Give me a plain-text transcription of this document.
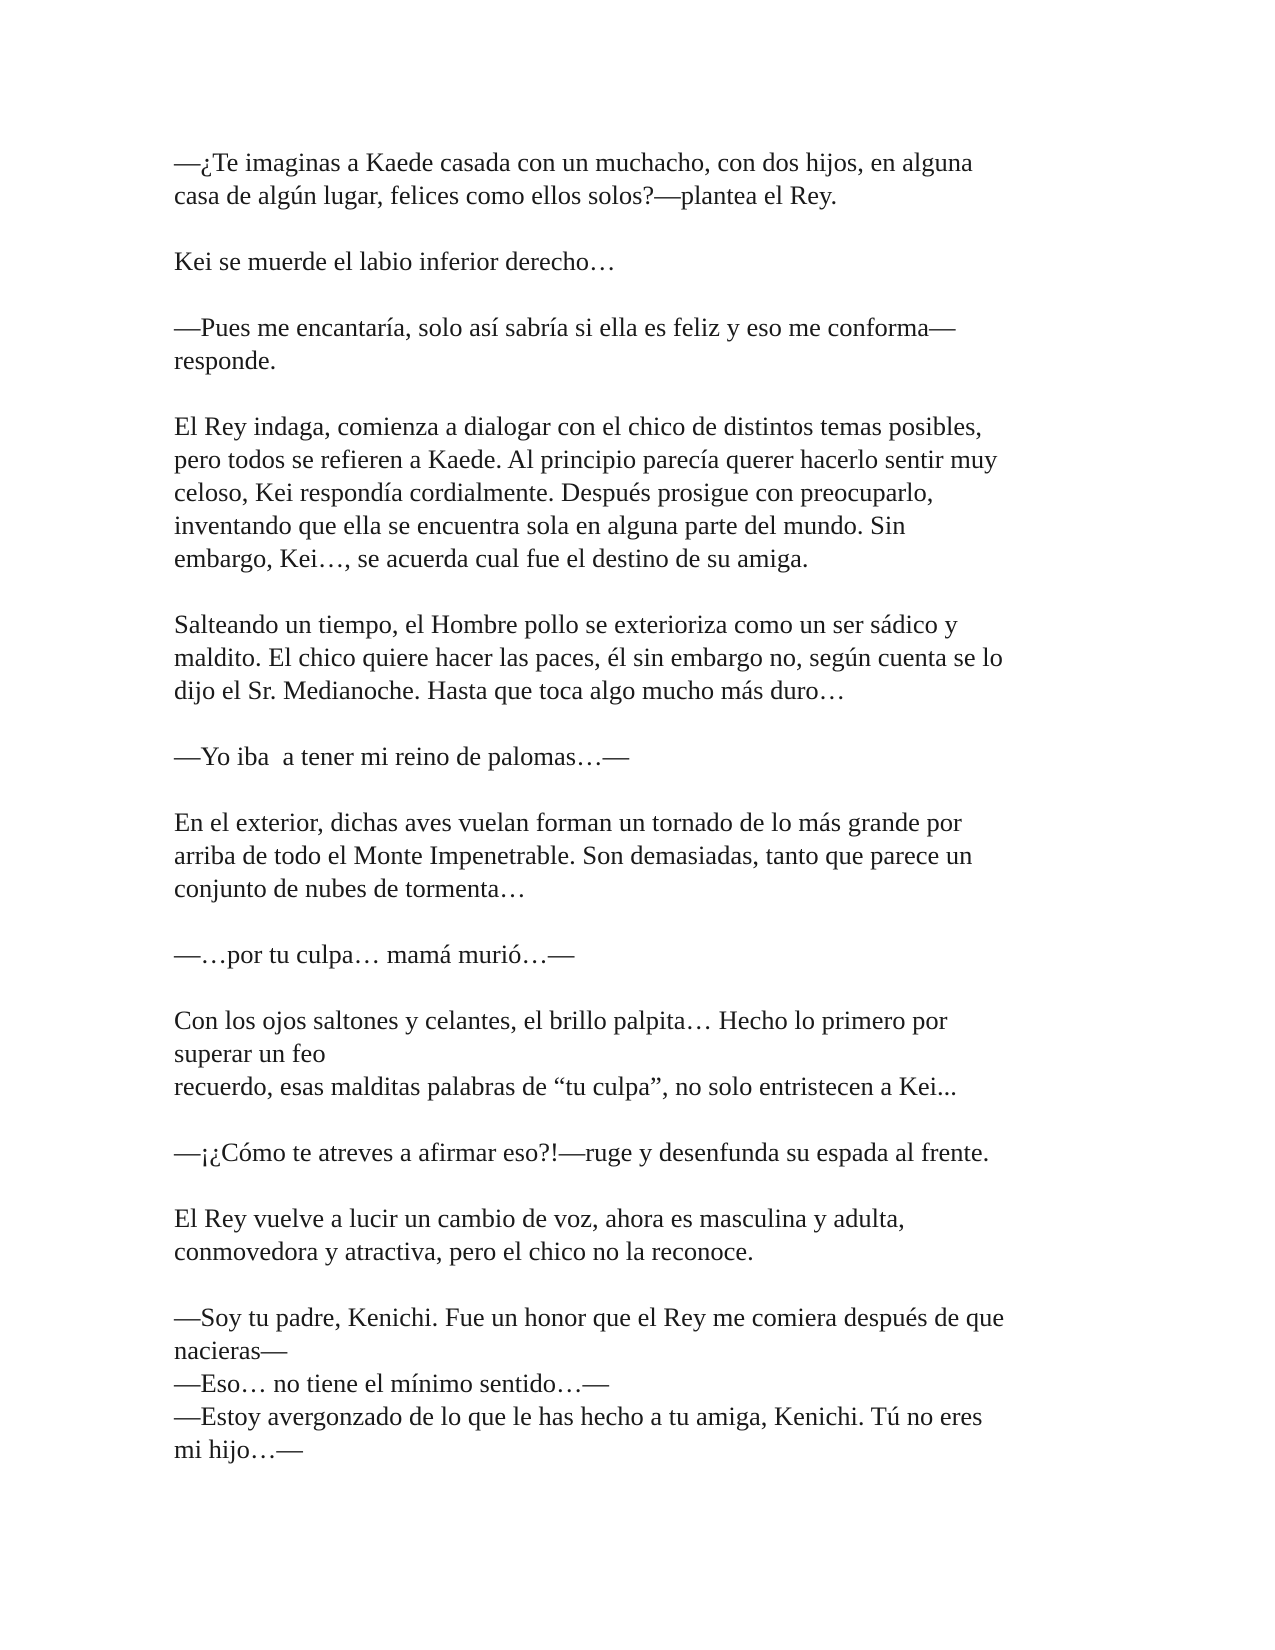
—¿Te imaginas a Kaede casada con un muchacho, con dos hijos, en alguna
casa de algún lugar, felices como ellos solos?—plantea el Rey.
Kei se muerde el labio inferior derecho…
—Pues me encantaría, solo así sabría si ella es feliz y eso me conforma—
responde.
El Rey indaga, comienza a dialogar con el chico de distintos temas posibles,
pero todos se refieren a Kaede. Al principio parecía querer hacerlo sentir muy
celoso, Kei respondía cordialmente. Después prosigue con preocuparlo,
inventando que ella se encuentra sola en alguna parte del mundo. Sin
embargo, Kei…, se acuerda cual fue el destino de su amiga.
Salteando un tiempo, el Hombre pollo se exterioriza como un ser sádico y
maldito. El chico quiere hacer las paces, él sin embargo no, según cuenta se lo
dijo el Sr. Medianoche. Hasta que toca algo mucho más duro…
—Yo iba  a tener mi reino de palomas…—
En el exterior, dichas aves vuelan forman un tornado de lo más grande por
arriba de todo el Monte Impenetrable. Son demasiadas, tanto que parece un
conjunto de nubes de tormenta…
—…por tu culpa… mamá murió…—
Con los ojos saltones y celantes, el brillo palpita… Hecho lo primero por
superar un feo
recuerdo, esas malditas palabras de “tu culpa”, no solo entristecen a Kei...
—¡¿Cómo te atreves a afirmar eso?!—ruge y desenfunda su espada al frente.
El Rey vuelve a lucir un cambio de voz, ahora es masculina y adulta,
conmovedora y atractiva, pero el chico no la reconoce.
—Soy tu padre, Kenichi. Fue un honor que el Rey me comiera después de que
nacieras—
—Eso… no tiene el mínimo sentido…—
—Estoy avergonzado de lo que le has hecho a tu amiga, Kenichi. Tú no eres
mi hijo…—
